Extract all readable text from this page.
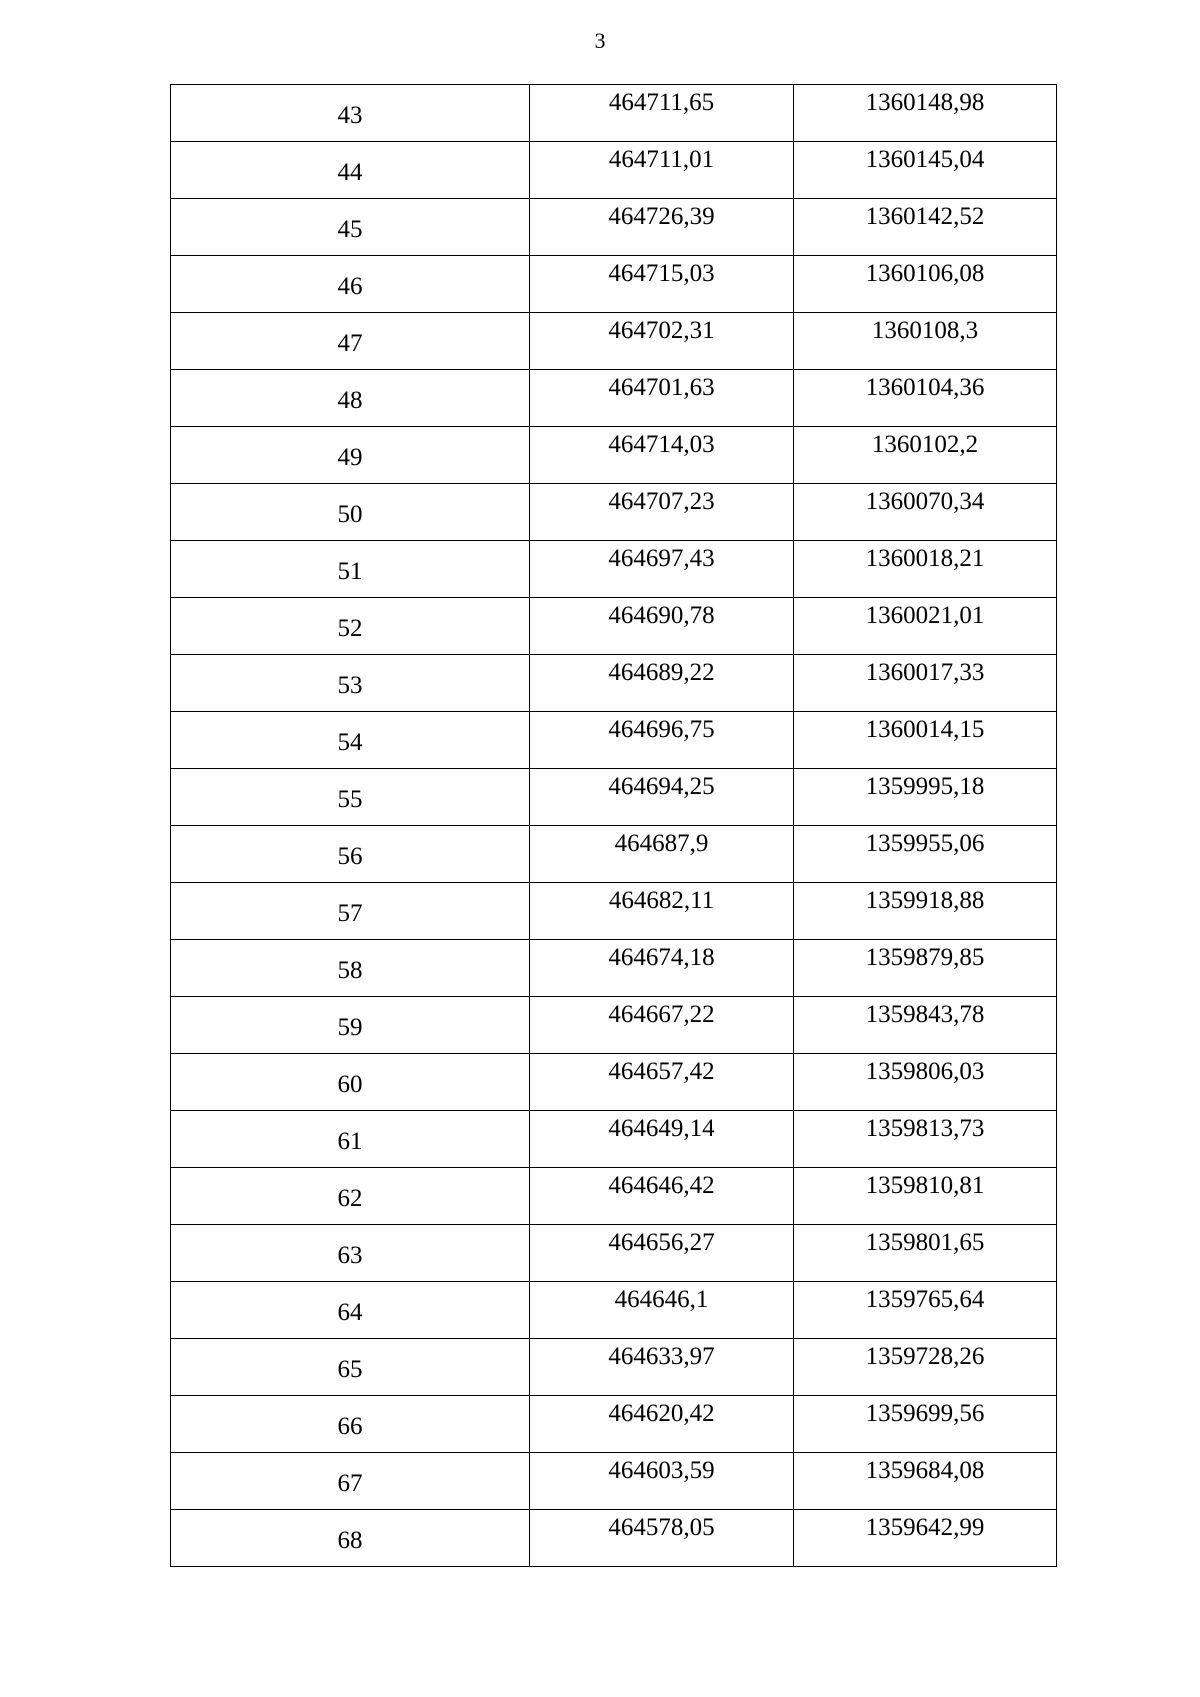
3
43	464711,65	1360148,98
44	464711,01	1360145,04
45	464726,39	1360142,52
46	464715,03	1360106,08
47	464702,31	1360108,3
48	464701,63	1360104,36
49	464714,03	1360102,2
50	464707,23	1360070,34
51	464697,43	1360018,21
52	464690,78	1360021,01
53	464689,22	1360017,33
54	464696,75	1360014,15
55	464694,25	1359995,18
56	464687,9	1359955,06
57	464682,11	1359918,88
58	464674,18	1359879,85
59	464667,22	1359843,78
60	464657,42	1359806,03
61	464649,14	1359813,73
62	464646,42	1359810,81
63	464656,27	1359801,65
64	464646,1	1359765,64
65	464633,97	1359728,26
66	464620,42	1359699,56
67	464603,59	1359684,08
68	464578,05	1359642,99
